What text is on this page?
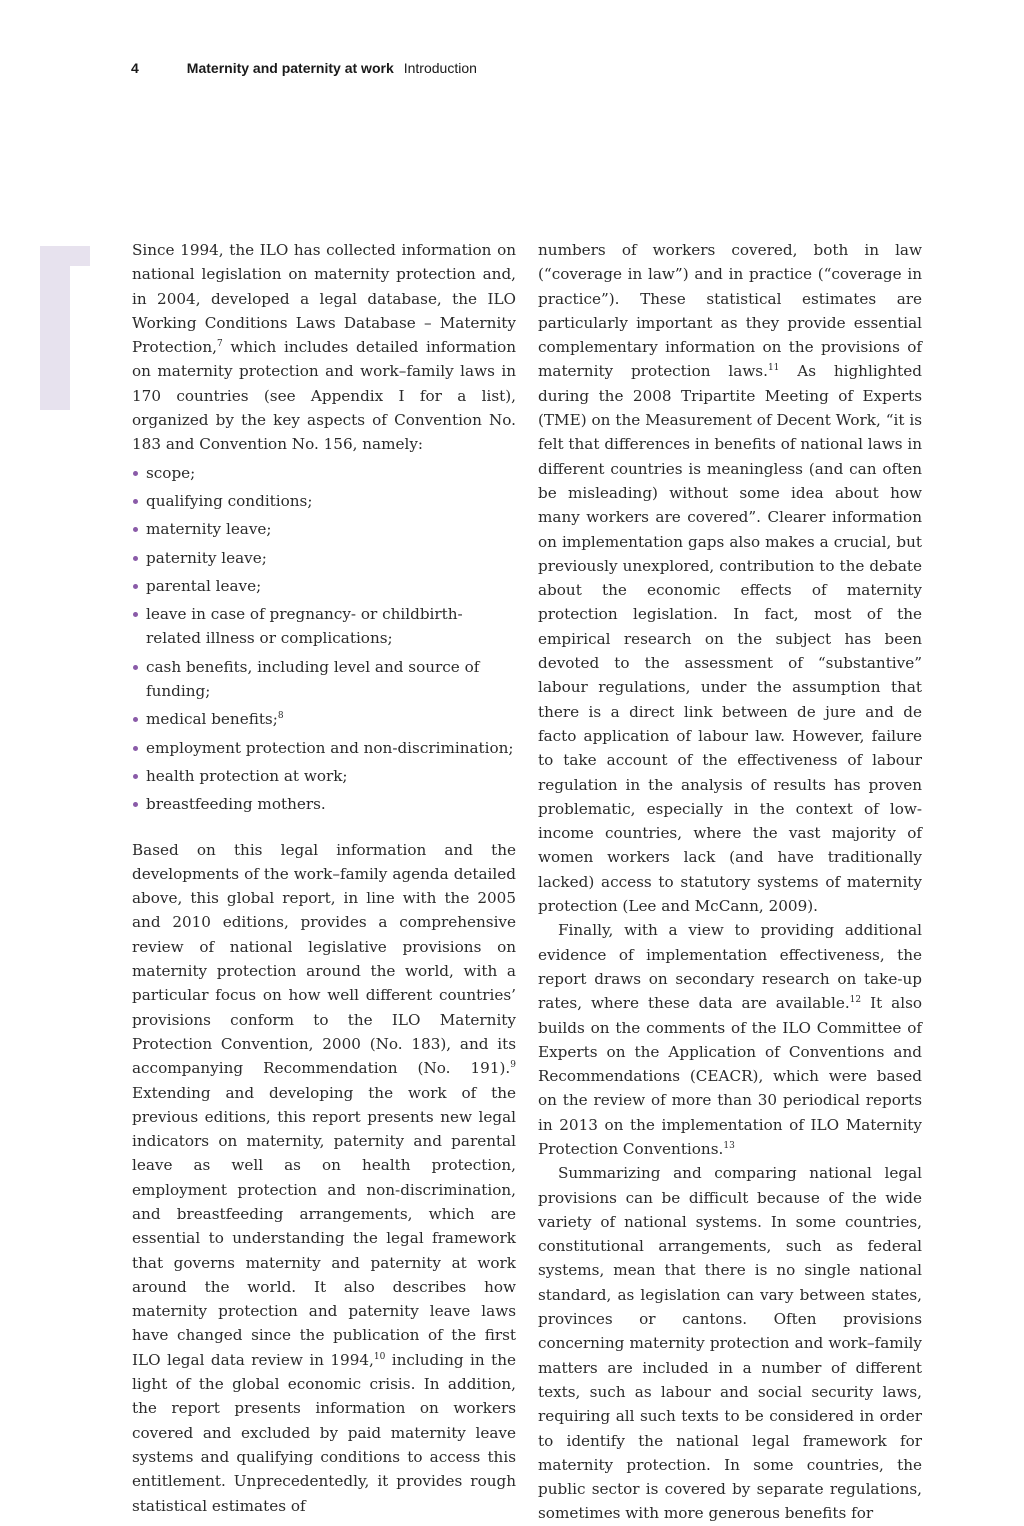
4	Maternity and paternity at work Introduction

Since 1994, the ILO has collected information on national legislation on maternity protection and, in 2004, developed a legal database, the ILO Working Conditions Laws Database – Maternity Protection,$^7$ which includes detailed information on maternity protection and work–family laws in 170 countries (see Appendix I for a list), organized by the key aspects of Convention No. 183 and Convention No. 156, namely:

scope;
qualifying conditions;
maternity leave;
paternity leave;
parental leave;
leave in case of pregnancy- or childbirth-related illness or complications;
cash benefits, including level and source of funding;
medical benefits;$^8$
employment protection and non-discrimination;
health protection at work;
breastfeeding mothers.

Based on this legal information and the developments of the work–family agenda detailed above, this global report, in line with the 2005 and 2010 editions, provides a comprehensive review of national legislative provisions on maternity protection around the world, with a particular focus on how well different countries’ provisions conform to the ILO Maternity Protection Convention, 2000 (No. 183), and its accompanying Recommendation (No. 191).$^9$ Extending and developing the work of the previous editions, this report presents new legal indicators on maternity, paternity and parental leave as well as on health protection, employment protection and non-discrimination, and breastfeeding arrangements, which are essential to understanding the legal framework that governs maternity and paternity at work around the world. It also describes how maternity protection and paternity leave laws have changed since the publication of the first ILO legal data review in 1994,10 including in the light of the global economic crisis. In addition, the report presents information on workers covered and excluded by paid maternity leave systems and qualifying conditions to access this entitlement. Unprecedentedly, it provides rough statistical estimates of

numbers of workers covered, both in law (“coverage in law”) and in practice (“coverage in practice”). These statistical estimates are particularly important as they provide essential complementary information on the provisions of maternity protection laws.$^{11}$ As highlighted during the 2008 Tripartite Meeting of Experts (TME) on the Measurement of Decent Work, “it is felt that differences in benefits of national laws in different countries is meaningless (and can often be misleading) without some idea about how many workers are covered”. Clearer information on implementation gaps also makes a crucial, but previously unexplored, contribution to the debate about the economic effects of maternity protection legislation. In fact, most of the empirical research on the subject has been devoted to the assessment of “substantive” labour regulations, under the assumption that there is a direct link between de jure and de facto application of labour law. However, failure to take account of the effectiveness of labour regulation in the analysis of results has proven problematic, especially in the context of low-income countries, where the vast majority of women workers lack (and have traditionally lacked) access to statutory systems of maternity protection (Lee and McCann, 2009).

Finally, with a view to providing additional evidence of implementation effectiveness, the report draws on secondary research on take-up rates, where these data are available.$^{12}$ It also builds on the comments of the ILO Committee of Experts on the Application of Conventions and Recommendations (CEACR), which were based on the review of more than 30 periodical reports in 2013 on the implementation of ILO Maternity Protection Conventions.$^{13}$

Summarizing and comparing national legal provisions can be difficult because of the wide variety of national systems. In some countries, constitutional arrangements, such as federal systems, mean that there is no single national standard, as legislation can vary between states, provinces or cantons. Often provisions concerning maternity protection and work–family matters are included in a number of different texts, such as labour and social security laws, requiring all such texts to be considered in order to identify the national legal framework for maternity protection. In some countries, the public sector is covered by separate regulations, sometimes with more generous benefits for
